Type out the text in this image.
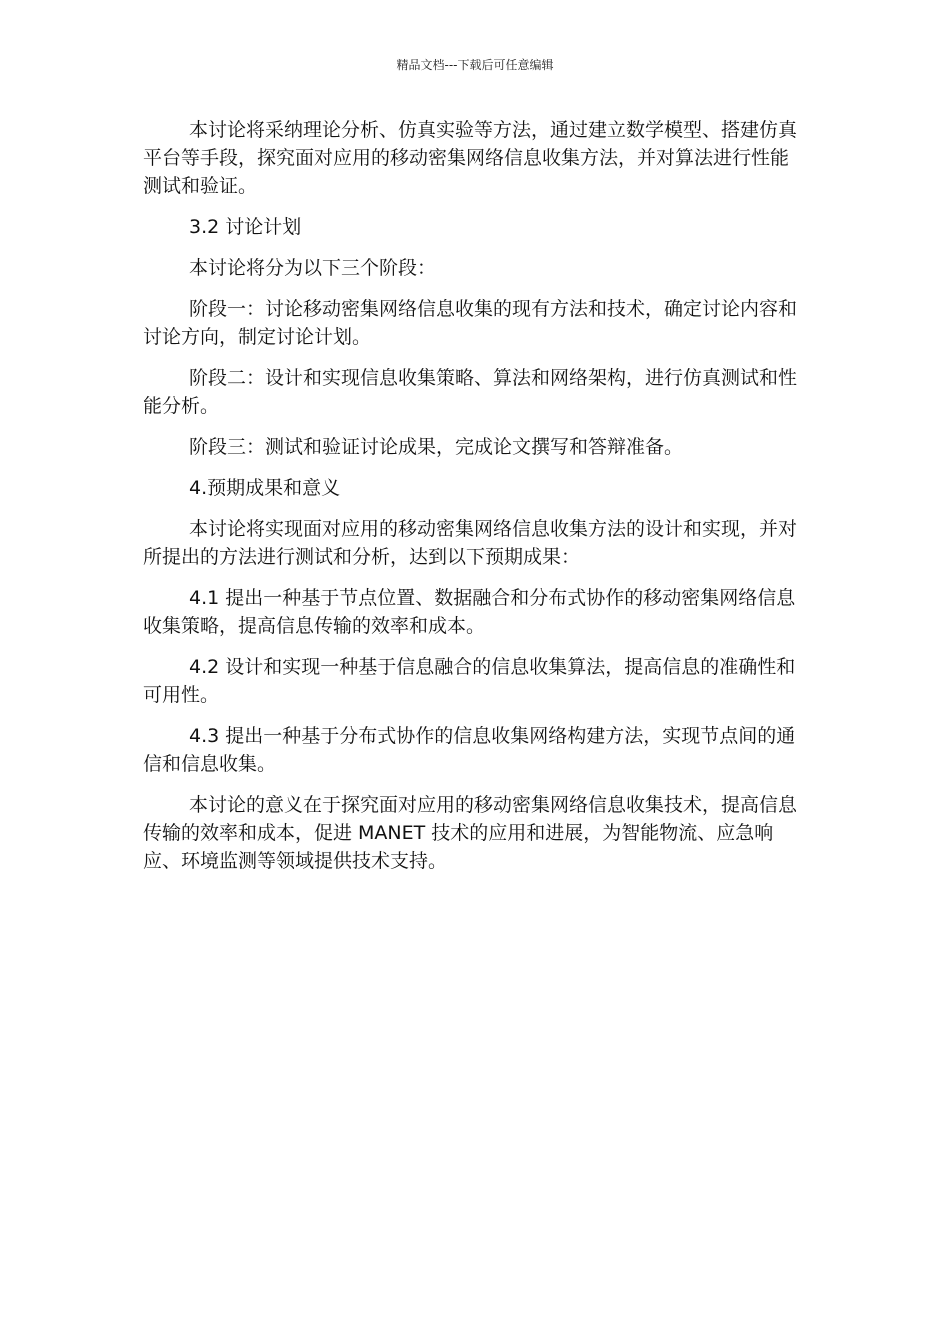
精品文档---下载后可任意编辑

本讨论将采纳理论分析、仿真实验等方法，通过建立数学模型、搭建仿真平台等手段，探究面对应用的移动密集网络信息收集方法，并对算法进行性能测试和验证。

3.2 讨论计划

本讨论将分为以下三个阶段：

阶段一：讨论移动密集网络信息收集的现有方法和技术，确定讨论内容和讨论方向，制定讨论计划。

阶段二：设计和实现信息收集策略、算法和网络架构，进行仿真测试和性能分析。

阶段三：测试和验证讨论成果，完成论文撰写和答辩准备。

4.预期成果和意义

本讨论将实现面对应用的移动密集网络信息收集方法的设计和实现，并对所提出的方法进行测试和分析，达到以下预期成果：

4.1 提出一种基于节点位置、数据融合和分布式协作的移动密集网络信息收集策略，提高信息传输的效率和成本。

4.2 设计和实现一种基于信息融合的信息收集算法，提高信息的准确性和可用性。

4.3 提出一种基于分布式协作的信息收集网络构建方法，实现节点间的通信和信息收集。

本讨论的意义在于探究面对应用的移动密集网络信息收集技术，提高信息传输的效率和成本，促进 MANET 技术的应用和进展，为智能物流、应急响应、环境监测等领域提供技术支持。
